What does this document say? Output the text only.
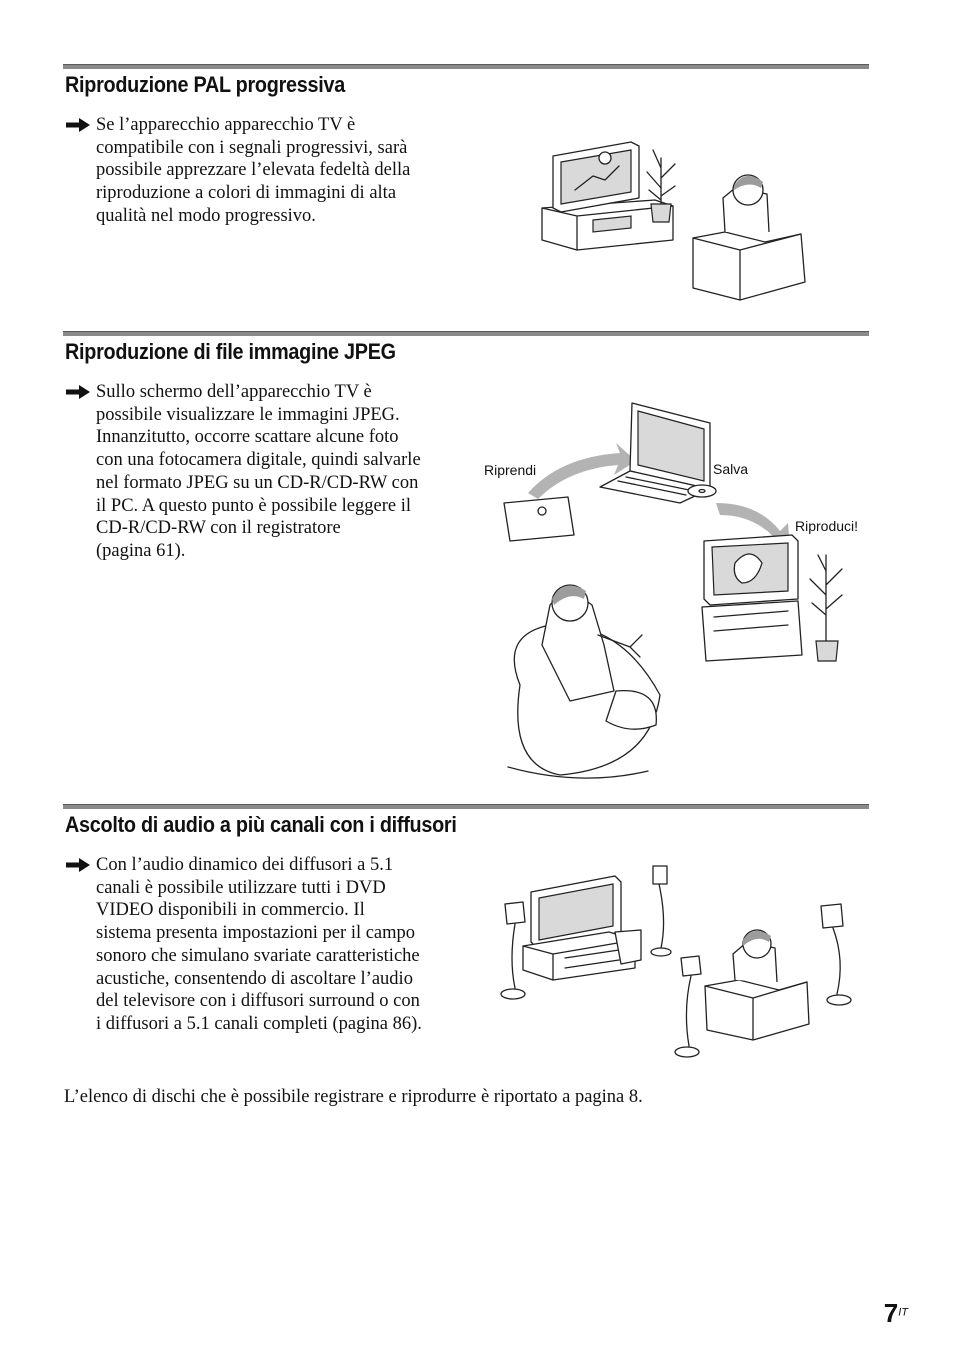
Riproduzione PAL progressiva
Se l’apparecchio apparecchio TV è
compatibile con i segnali progressivi, sarà
possibile apprezzare l’elevata fedeltà della
riproduzione a colori di immagini di alta
qualità nel modo progressivo.
Riproduzione di file immagine JPEG
Sullo schermo dell’apparecchio TV è
possibile visualizzare le immagini JPEG.
Innanzitutto, occorre scattare alcune foto
con una fotocamera digitale, quindi salvarle
nel formato JPEG su un CD-R/CD-RW con
il PC. A questo punto è possibile leggere il
CD-R/CD-RW con il registratore
(pagina 61).
Riprendi	Salva
Riproduci!
Ascolto di audio a più canali con i diffusori
Con l’audio dinamico dei diffusori a 5.1
canali è possibile utilizzare tutti i DVD
VIDEO disponibili in commercio. Il
sistema presenta impostazioni per il campo
sonoro che simulano svariate caratteristiche
acustiche, consentendo di ascoltare l’audio
del televisore con i diffusori surround o con
i diffusori a 5.1 canali completi (pagina 86).
L’elenco di dischi che è possibile registrare e riprodurre è riportato a pagina 8.
$7^{IT}$
